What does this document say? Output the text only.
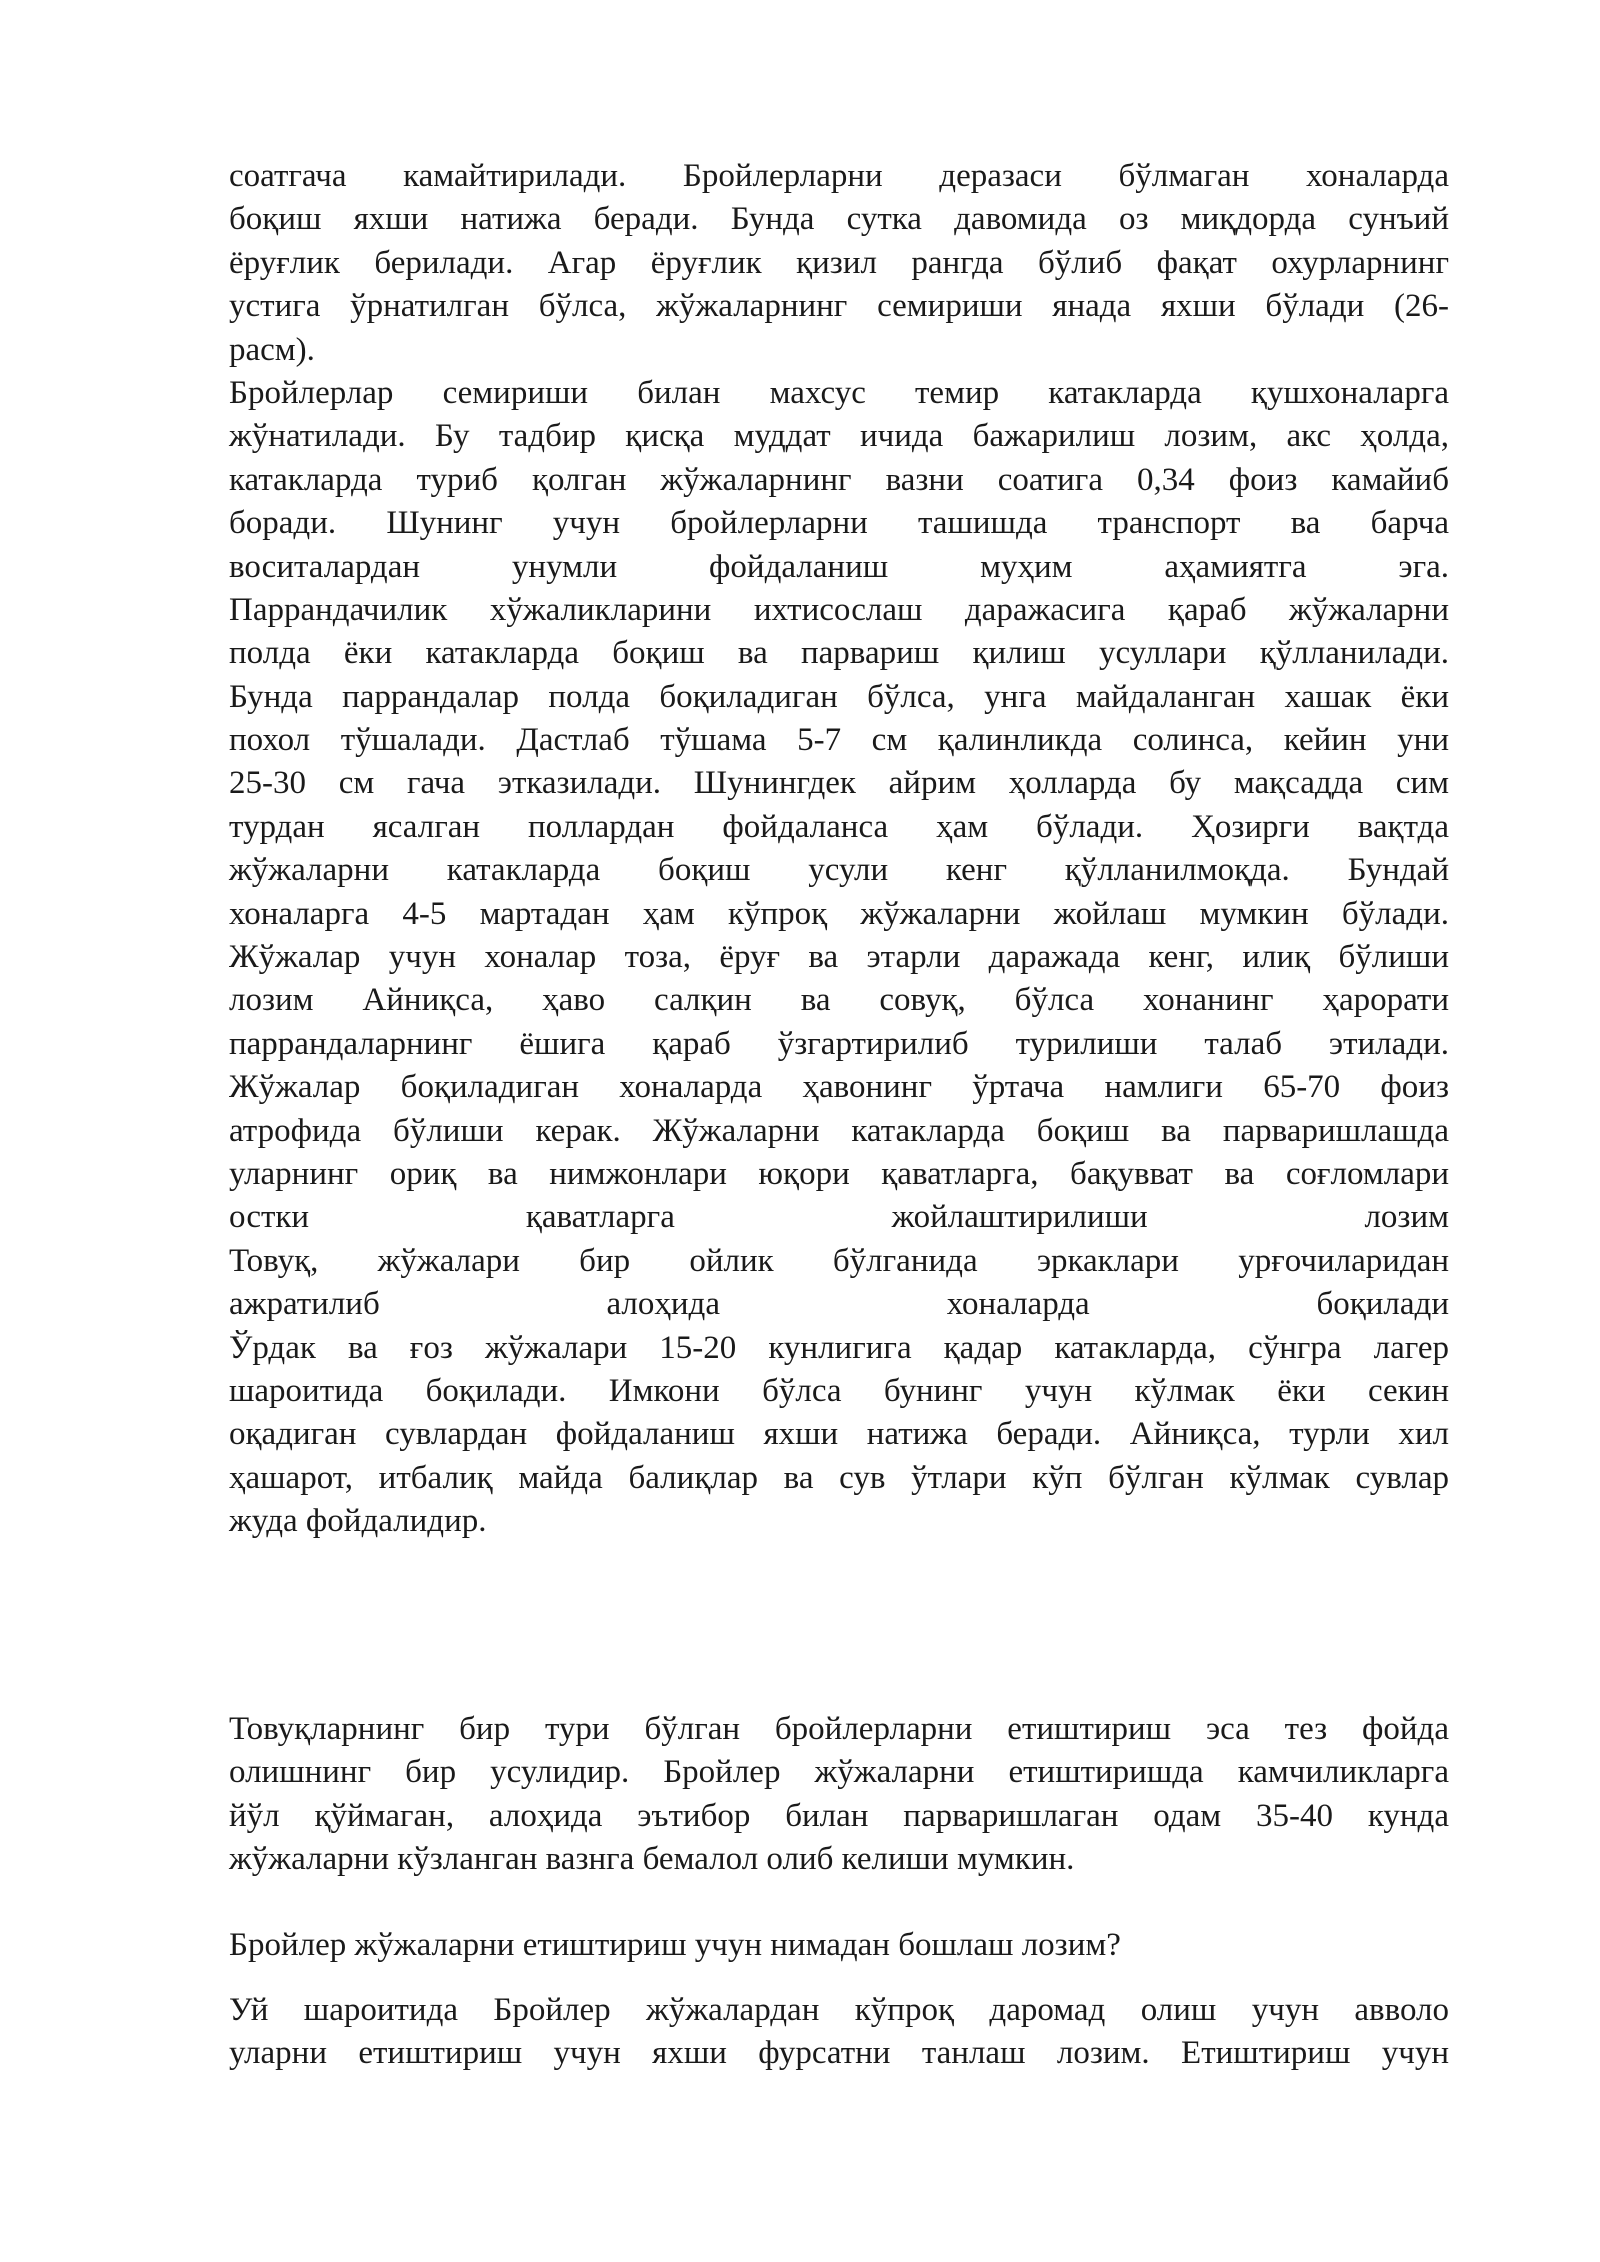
соатгача камайтирилади. Бройлерларни деразаси бўлмаган хоналарда
боқиш яхши натижа беради. Бунда сутка давомида оз миқдорда сунъий
ёруғлик берилади. Агар ёруғлик қизил рангда бўлиб фақат охурларнинг
устига ўрнатилган бўлса, жўжаларнинг семириши янада яхши бўлади (26-
расм).
Бройлерлар семириши билан махсус темир катакларда қушхоналарга
жўнатилади. Бу тадбир қисқа муддат ичида бажарилиш лозим, акс ҳолда,
катакларда туриб қолган жўжаларнинг вазни соатига 0,34 фоиз камайиб
боради. Шунинг учун бройлерларни ташишда транспорт ва барча
воситалардан унумли фойдаланиш муҳим аҳамиятга эга.
Паррандачилик хўжаликларини ихтисослаш даражасига қараб жўжаларни
полда ёки катакларда боқиш ва парвариш қилиш усуллари қўлланилади.
Бунда паррандалар полда боқиладиган бўлса, унга майдаланган хашак ёки
похол тўшалади. Дастлаб тўшама 5-7 см қалинликда солинса, кейин уни
25-30 см гача этказилади. Шунингдек айрим ҳолларда бу мақсадда сим
турдан ясалган поллардан фойдаланса ҳам бўлади. Ҳозирги вақтда
жўжаларни катакларда боқиш усули кенг қўлланилмоқда. Бундай
хоналарга 4-5 мартадан ҳам кўпроқ жўжаларни жойлаш мумкин бўлади.
Жўжалар учун хоналар тоза, ёруғ ва этарли даражада кенг, илиқ бўлиши
лозим Айниқса, ҳаво салқин ва совуқ, бўлса хонанинг ҳарорати
паррандаларнинг ёшига қараб ўзгартирилиб турилиши талаб этилади.
Жўжалар боқиладиган хоналарда ҳавонинг ўртача намлиги 65-70 фоиз
атрофида бўлиши керак. Жўжаларни катакларда боқиш ва парваришлашда
уларнинг ориқ ва нимжонлари юқори қаватларга, бақувват ва соғломлари
остки қаватларга жойлаштирилиши лозим
Товуқ, жўжалари бир ойлик бўлганида эркаклари урғочиларидан
ажратилиб алоҳида хоналарда боқилади
Ўрдак ва ғоз жўжалари 15-20 кунлигига қадар катакларда, сўнгра лагер
шароитида боқилади. Имкони бўлса бунинг учун кўлмак ёки секин
оқадиган сувлардан фойдаланиш яхши натижа беради. Айниқса, турли хил
ҳашарот, итбалиқ майда балиқлар ва сув ўтлари кўп бўлган кўлмак сувлар
жуда фойдалидир.
Товуқларнинг бир тури бўлган бройлерларни етиштириш эса тез фойда
олишнинг бир усулидир. Бройлер жўжаларни етиштиришда камчиликларга
йўл қўймаган, алоҳида эътибор билан парваришлаган одам 35-40 кунда
жўжаларни кўзланган вазнга бемалол олиб келиши мумкин.
Бройлер жўжаларни етиштириш учун нимадан бошлаш лозим?
Уй шароитида Бройлер жўжалардан кўпроқ даромад олиш учун авволо
уларни етиштириш учун яхши фурсатни танлаш лозим. Етиштириш учун
